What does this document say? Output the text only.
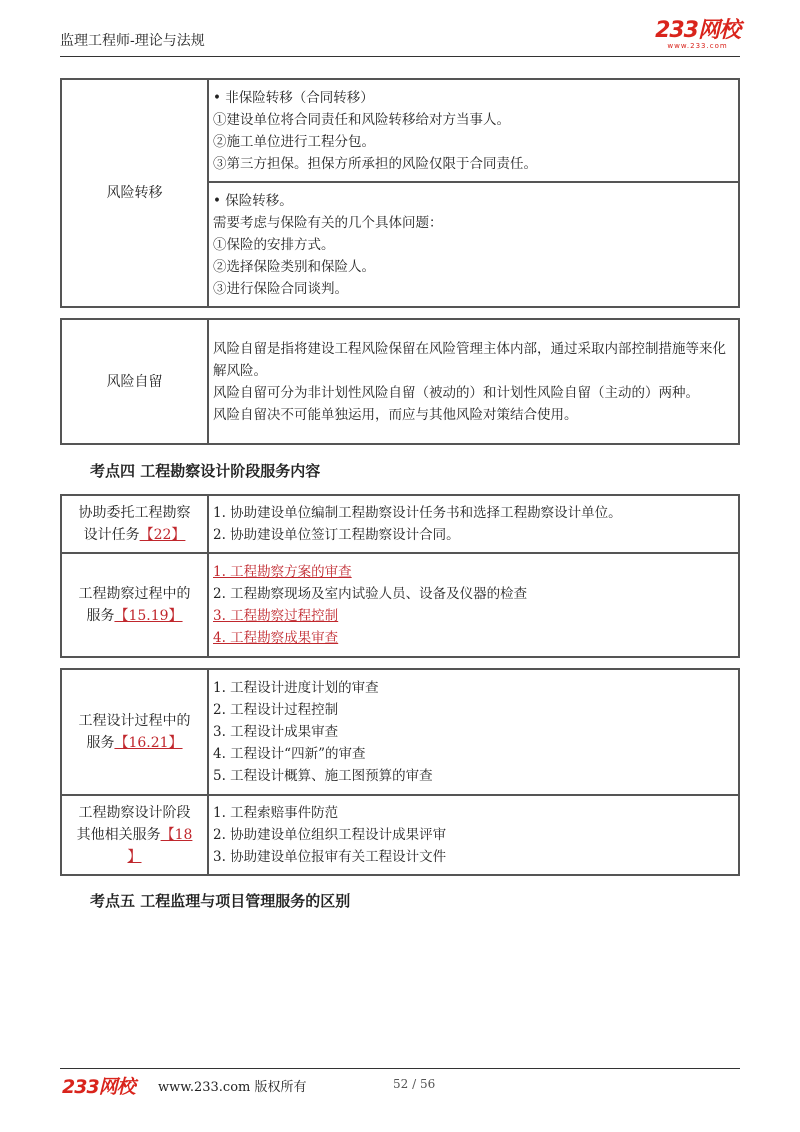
监理工程师-理论与法规	233网校
www.233.com
风险转移	
• 非保险转移（合同转移）
①建设单位将合同责任和风险转移给对方当事人。
②施工单位进行工程分包。
③第三方担保。担保方所承担的风险仅限于合同责任。

• 保险转移。
需要考虑与保险有关的几个具体问题：
①保险的安排方式。
②选择保险类别和保险人。
③进行保险合同谈判。
风险自留	
风险自留是指将建设工程风险保留在风险管理主体内部，通过采取内部控制措施等来化解风险。
风险自留可分为非计划性风险自留（被动的）和计划性风险自留（主动的）两种。
风险自留决不可能单独运用，而应与其他风险对策结合使用。
考点四 工程勘察设计阶段服务内容
协助委托工程勘察
设计任务【22】	1. 协助建设单位编制工程勘察设计任务书和选择工程勘察设计单位。
2. 协助建设单位签订工程勘察设计合同。

工程勘察过程中的
服务【15.19】	1. 工程勘察方案的审查
2. 工程勘察现场及室内试验人员、设备及仪器的检查
3. 工程勘察过程控制
4. 工程勘察成果审查
工程设计过程中的
服务【16.21】	1. 工程设计进度计划的审查
2. 工程设计过程控制
3. 工程设计成果审查
4. 工程设计“四新”的审查
5. 工程设计概算、施工图预算的审查

工程勘察设计阶段
其他相关服务【18
】	1. 工程索赔事件防范
2. 协助建设单位组织工程设计成果评审
3. 协助建设单位报审有关工程设计文件
考点五 工程监理与项目管理服务的区别
233网校 www.233.com 版权所有	52 / 56
